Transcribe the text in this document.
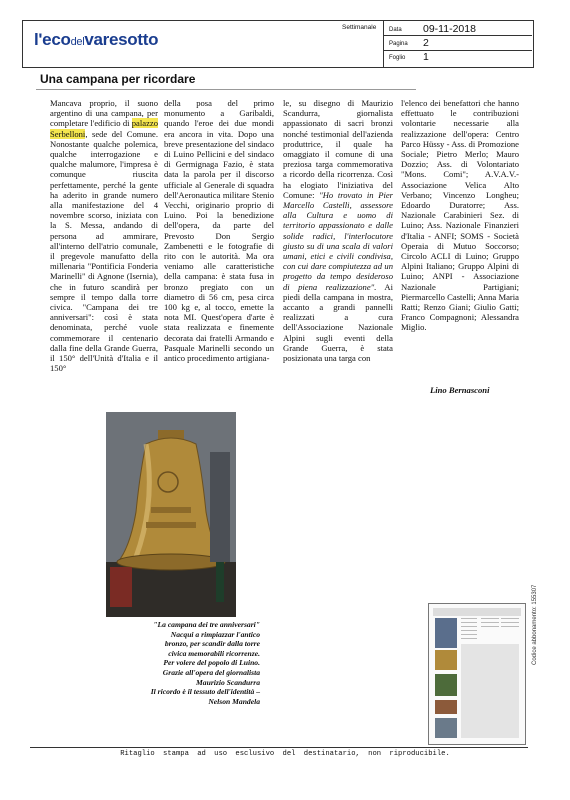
l'ecodelvaresotto
Settimanale Data 09-11-2018
Pagina 2
Foglio 1
Una campana per ricordare

Mancava proprio, il suono argentino di una campana, per completare l'edificio di palazzo Serbelloni, sede del Comune. Nonostante qualche polemica, qualche interrogazione e qualche malumore, l'impresa è comunque riuscita perfettamente, perché la gente ha aderito in grande numero alla manifestazione del 4 novembre scorso, iniziata con la S. Messa, andando di persona ad ammirare, all'interno dell'atrio comunale, il pregevole manufatto della millenaria "Pontificia Fonderia Marinelli" di Agnone (Isernia), che in futuro scandirà per sempre il tempo dalla torre civica. "Campana dei tre anniversari": così è stata denominata, perché vuole commemorare il centenario dalla fine della Grande Guerra, il 150° dell'Unità d'Italia e il 150°

della posa del primo monumento a Garibaldi, quando l'eroe dei due mondi era ancora in vita. Dopo una breve presentazione del sindaco di Luino Pellicini e del sindaco di Germignaga Fazio, è stata data la parola per il discorso ufficiale al Generale di squadra dell'Aeronautica militare Stenio Vecchi, originario proprio di Luino. Poi la benedizione dell'opera, da parte del Prevosto Don Sergio Zambenetti e le fotografie di rito con le autorità. Ma ora veniamo alle caratteristiche della campana: è stata fusa in bronzo pregiato con un diametro di 56 cm, pesa circa 100 kg e, al tocco, emette la nota MI. Quest'opera d'arte è stata realizzata e finemente decorata dai fratelli Armando e Pasquale Marinelli secondo un antico procedimento artigiana-

le, su disegno di Maurizio Scandurra, giornalista appassionato di sacri bronzi nonché testimonial dell'azienda produttrice, il quale ha omaggiato il comune di una preziosa targa commemorativa a ricordo della ricorrenza. Così ha elogiato l'iniziativa del Comune: "Ho trovato in Pier Marcello Castelli, assessore alla Cultura e uomo di territorio appassionato e dalle solide radici, l'interlocutore giusto su di una scala di valori umani, etici e civili condivisa, con cui dare compiutezza ad un progetto da tempo desideroso di piena realizzazione". Ai piedi della campana in mostra, accanto a grandi pannelli realizzati a cura dell'Associazione Nazionale Alpini sugli eventi della Grande Guerra, è stata posizionata una targa con

l'elenco dei benefattori che hanno effettuato le contribuzioni volontarie necessarie alla realizzazione dell'opera: Centro Parco Hüssy - Ass. di Promozione Sociale; Pietro Merlo; Mauro Dozzio; Ass. di Volontariato "Mons. Comi"; A.V.A.V.-Associazione Velica Alto Verbano; Vincenzo Longheu; Edoardo Duratorre; Ass. Nazionale Carabinieri Sez. di Luino; Ass. Nazionale Finanzieri d'Italia - ANFI; SOMS - Società Operaia di Mutuo Soccorso; Circolo ACLI di Luino; Gruppo Alpini Italiano; Gruppo Alpini di Luino; ANPI - Associazione Nazionale Partigiani; Piermarcello Castelli; Anna Maria Ratti; Renzo Giani; Giulio Gatti; Franco Compagnoni; Alessandra Miglio.

Lino Bernasconi
"La campana dei tre anniversari"
Nacqui a rimpiazzar l'antico
bronzo, per scandir dalla torre
civica memorabili ricorrenze.
Per volere del popolo di Luino.
Grazie all'opera del giornalista
Maurizio Scandurra
Il ricordo è il tessuto dell'identità –
Nelson Mandela
Codice abbonamento: 155307
Ritaglio stampa ad uso esclusivo del destinatario, non riproducibile.
